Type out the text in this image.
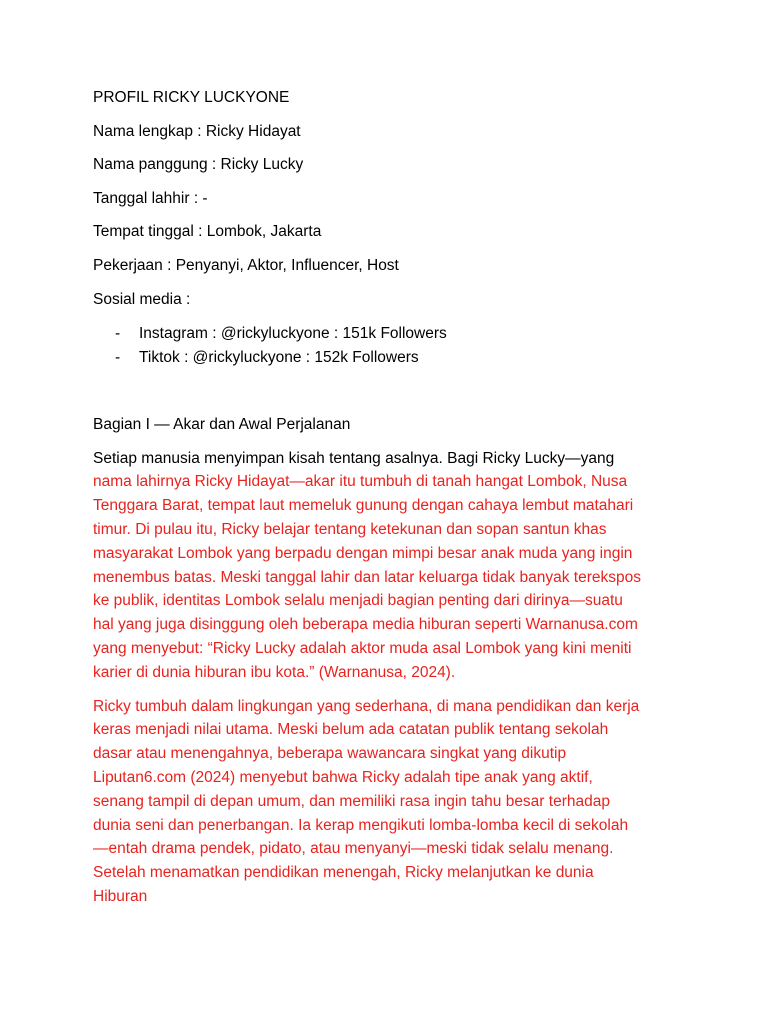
PROFIL RICKY LUCKYONE

Nama lengkap : Ricky Hidayat

Nama panggung : Ricky Lucky

Tanggal lahhir : -

Tempat tinggal : Lombok, Jakarta

Pekerjaan : Penyanyi, Aktor, Influencer, Host

Sosial media :

- Instagram : @rickyluckyone : 151k Followers
- Tiktok : @rickyluckyone : 152k Followers

Bagian I — Akar dan Awal Perjalanan

Setiap manusia menyimpan kisah tentang asalnya. Bagi Ricky Lucky—yang
nama lahirnya Ricky Hidayat—akar itu tumbuh di tanah hangat Lombok, Nusa
Tenggara Barat, tempat laut memeluk gunung dengan cahaya lembut matahari
timur. Di pulau itu, Ricky belajar tentang ketekunan dan sopan santun khas
masyarakat Lombok yang berpadu dengan mimpi besar anak muda yang ingin
menembus batas. Meski tanggal lahir dan latar keluarga tidak banyak terekspos
ke publik, identitas Lombok selalu menjadi bagian penting dari dirinya—suatu
hal yang juga disinggung oleh beberapa media hiburan seperti Warnanusa.com
yang menyebut: “Ricky Lucky adalah aktor muda asal Lombok yang kini meniti
karier di dunia hiburan ibu kota.” (Warnanusa, 2024).
Ricky tumbuh dalam lingkungan yang sederhana, di mana pendidikan dan kerja
keras menjadi nilai utama. Meski belum ada catatan publik tentang sekolah
dasar atau menengahnya, beberapa wawancara singkat yang dikutip
Liputan6.com (2024) menyebut bahwa Ricky adalah tipe anak yang aktif,
senang tampil di depan umum, dan memiliki rasa ingin tahu besar terhadap
dunia seni dan penerbangan. Ia kerap mengikuti lomba-lomba kecil di sekolah
—entah drama pendek, pidato, atau menyanyi—meski tidak selalu menang.
Setelah menamatkan pendidikan menengah, Ricky melanjutkan ke dunia
Hiburan
